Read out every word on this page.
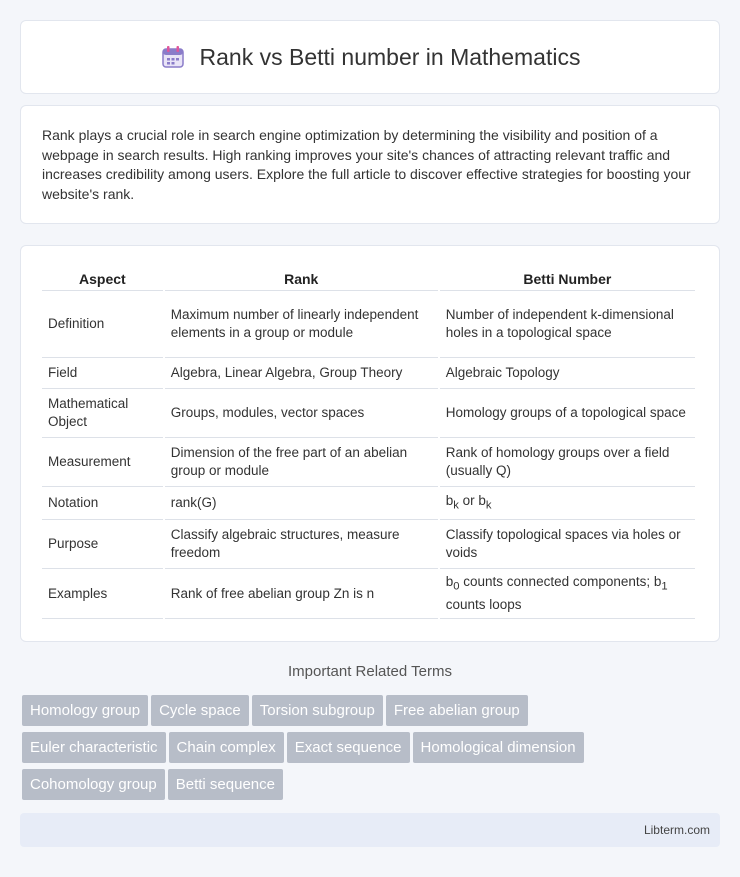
Rank vs Betti number in Mathematics

Rank plays a crucial role in search engine optimization by determining the visibility and position of a webpage in search results. High ranking improves your site's chances of attracting relevant traffic and increases credibility among users. Explore the full article to discover effective strategies for boosting your website's rank.

Aspect	Rank	Betti Number
Definition	Maximum number of linearly independent elements in a group or module	Number of independent k-dimensional holes in a topological space
Field	Algebra, Linear Algebra, Group Theory	Algebraic Topology
Mathematical Object	Groups, modules, vector spaces	Homology groups of a topological space
Measurement	Dimension of the free part of an abelian group or module	Rank of homology groups over a field (usually Q)
Notation	rank(G)	$b_k$ or $b_k$
Purpose	Classify algebraic structures, measure freedom	Classify topological spaces via holes or voids
Examples	Rank of free abelian group Zn is n	$b_0$ counts connected components; $b_1$ counts loops
Important Related Terms
Homology group Cycle space Torsion subgroup Free abelian group
Euler characteristic Chain complex Exact sequence Homological dimension
Cohomology group Betti sequence
Libterm.com
